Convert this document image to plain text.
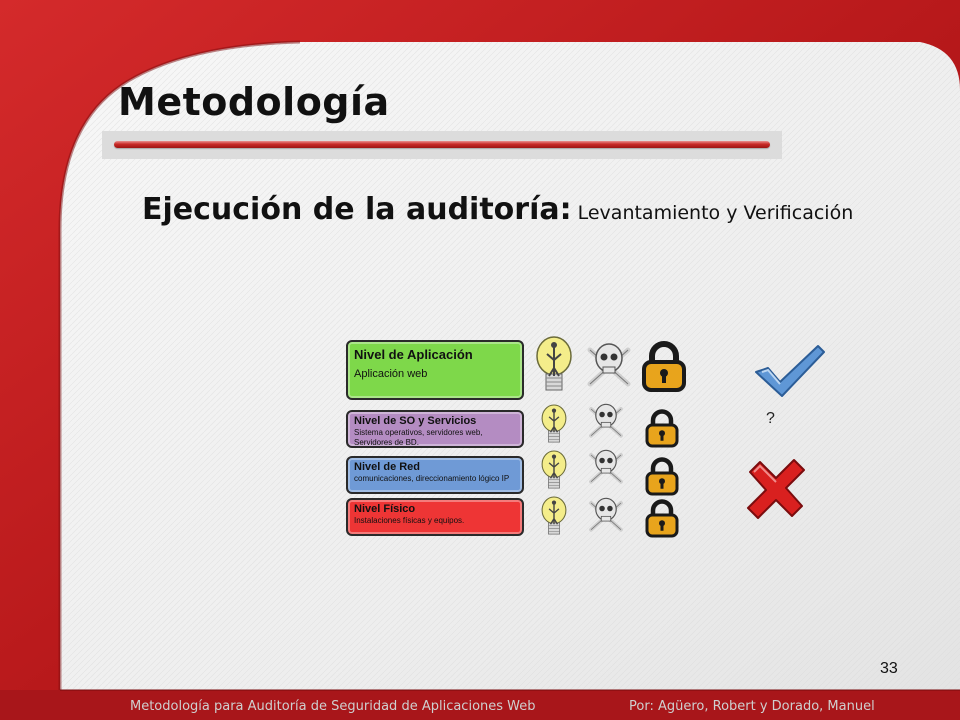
Metodología
Ejecución de la auditoría: Levantamiento y Verificación
Nivel de Aplicación
Aplicación web
Nivel de SO y Servicios
Sistema operativos, servidores web, Servidores de BD.
Nivel de Red
comunicaciones, direccionamiento lógico IP
Nivel Físico
Instalaciones físicas y equipos.
?
33
Metodología para Auditoría de Seguridad de Aplicaciones Web	Por: Agüero, Robert y Dorado, Manuel
